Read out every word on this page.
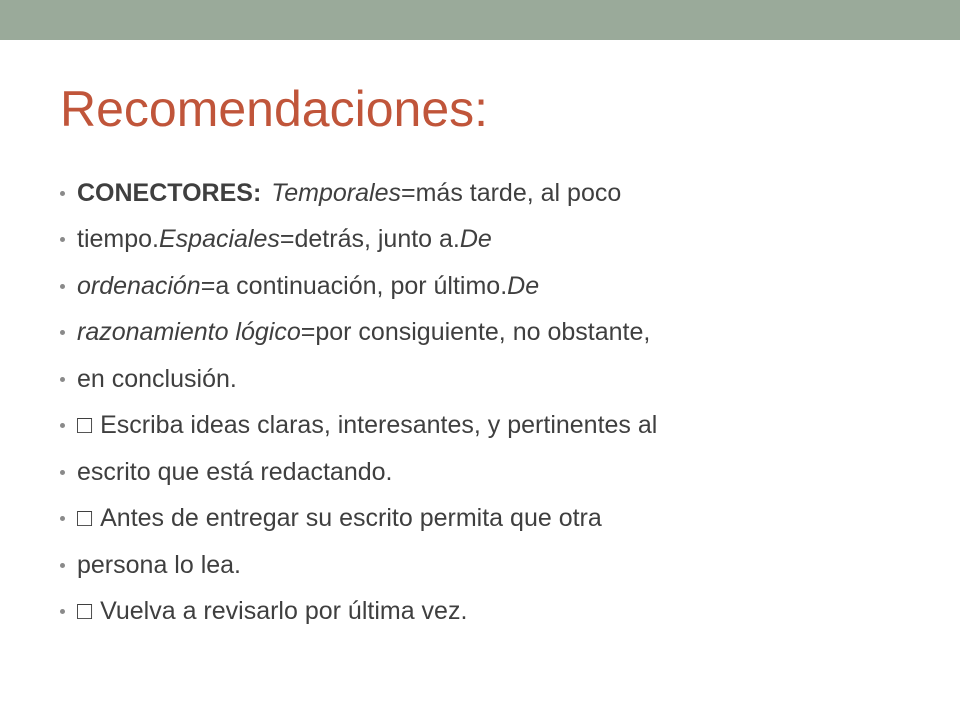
Recomendaciones:
CONECTORES: Temporales =más tarde, al poco
tiempo. Espaciales =detrás, junto a. De
ordenación =a continuación, por último. De
razonamiento lógico =por consiguiente, no obstante,
en conclusión.
□ Escriba ideas claras, interesantes, y pertinentes al
escrito que está redactando.
□ Antes de entregar su escrito permita que otra
persona lo lea.
□ Vuelva a revisarlo por última vez.
